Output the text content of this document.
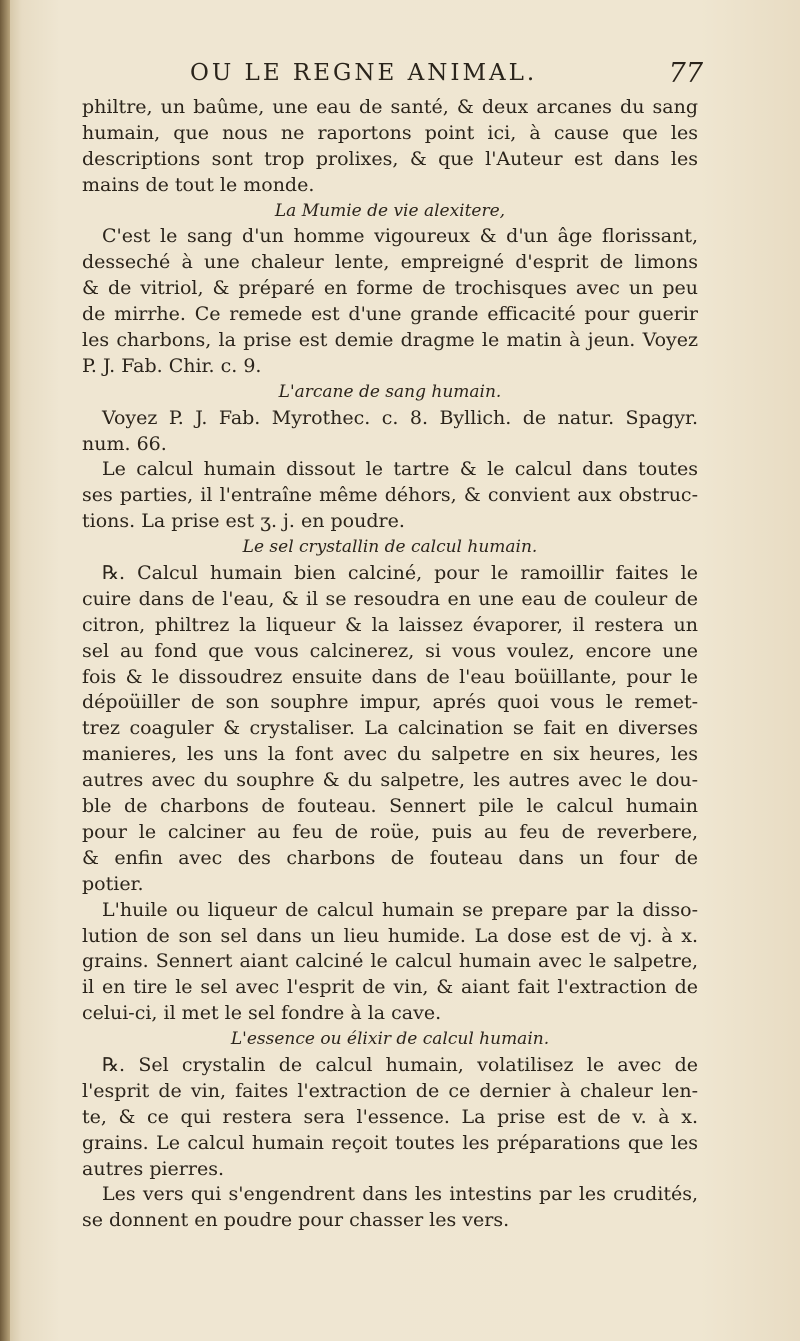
OU LE REGNE ANIMAL.	77
philtre, un baûme, une eau de santé, & deux arcanes du sang
humain, que nous ne raportons point ici, à cause que les
descriptions sont trop prolixes, & que l'Auteur est dans les
mains de tout le monde.
La Mumie de vie alexitere,
C'est le sang d'un homme vigoureux & d'un âge florissant,
desseché à une chaleur lente, empreigné d'esprit de limons
& de vitriol, & préparé en forme de trochisques avec un peu
de mirrhe. Ce remede est d'une grande efficacité pour guerir
les charbons, la prise est demie dragme le matin à jeun. Voyez
P. J. Fab. Chir. c. 9.
L'arcane de sang humain.
Voyez P. J. Fab. Myrothec. c. 8. Byllich. de natur. Spagyr.
num. 66.
Le calcul humain dissout le tartre & le calcul dans toutes
ses parties, il l'entraîne même déhors, & convient aux obstruc-
tions. La prise est ʒ. j. en poudre.
Le sel crystallin de calcul humain.
℞. Calcul humain bien calciné, pour le ramoillir faites le
cuire dans de l'eau, & il se resoudra en une eau de couleur de
citron, philtrez la liqueur & la laissez évaporer, il restera un
sel au fond que vous calcinerez, si vous voulez, encore une
fois & le dissoudrez ensuite dans de l'eau boüillante, pour le
dépoüiller de son souphre impur, aprés quoi vous le remet-
trez coaguler & crystaliser. La calcination se fait en diverses
manieres, les uns la font avec du salpetre en six heures, les
autres avec du souphre & du salpetre, les autres avec le dou-
ble de charbons de fouteau. Sennert pile le calcul humain
pour le calciner au feu de roüe, puis au feu de reverbere,
& enfin avec des charbons de fouteau dans un four de
potier.
L'huile ou liqueur de calcul humain se prepare par la disso-
lution de son sel dans un lieu humide. La dose est de vj. à x.
grains. Sennert aiant calciné le calcul humain avec le salpetre,
il en tire le sel avec l'esprit de vin, & aiant fait l'extraction de
celui-ci, il met le sel fondre à la cave.
L'essence ou élixir de calcul humain.
℞. Sel crystalin de calcul humain, volatilisez le avec de
l'esprit de vin, faites l'extraction de ce dernier à chaleur len-
te, & ce qui restera sera l'essence. La prise est de v. à x.
grains. Le calcul humain reçoit toutes les préparations que les
autres pierres.
Les vers qui s'engendrent dans les intestins par les crudités,
se donnent en poudre pour chasser les vers.
